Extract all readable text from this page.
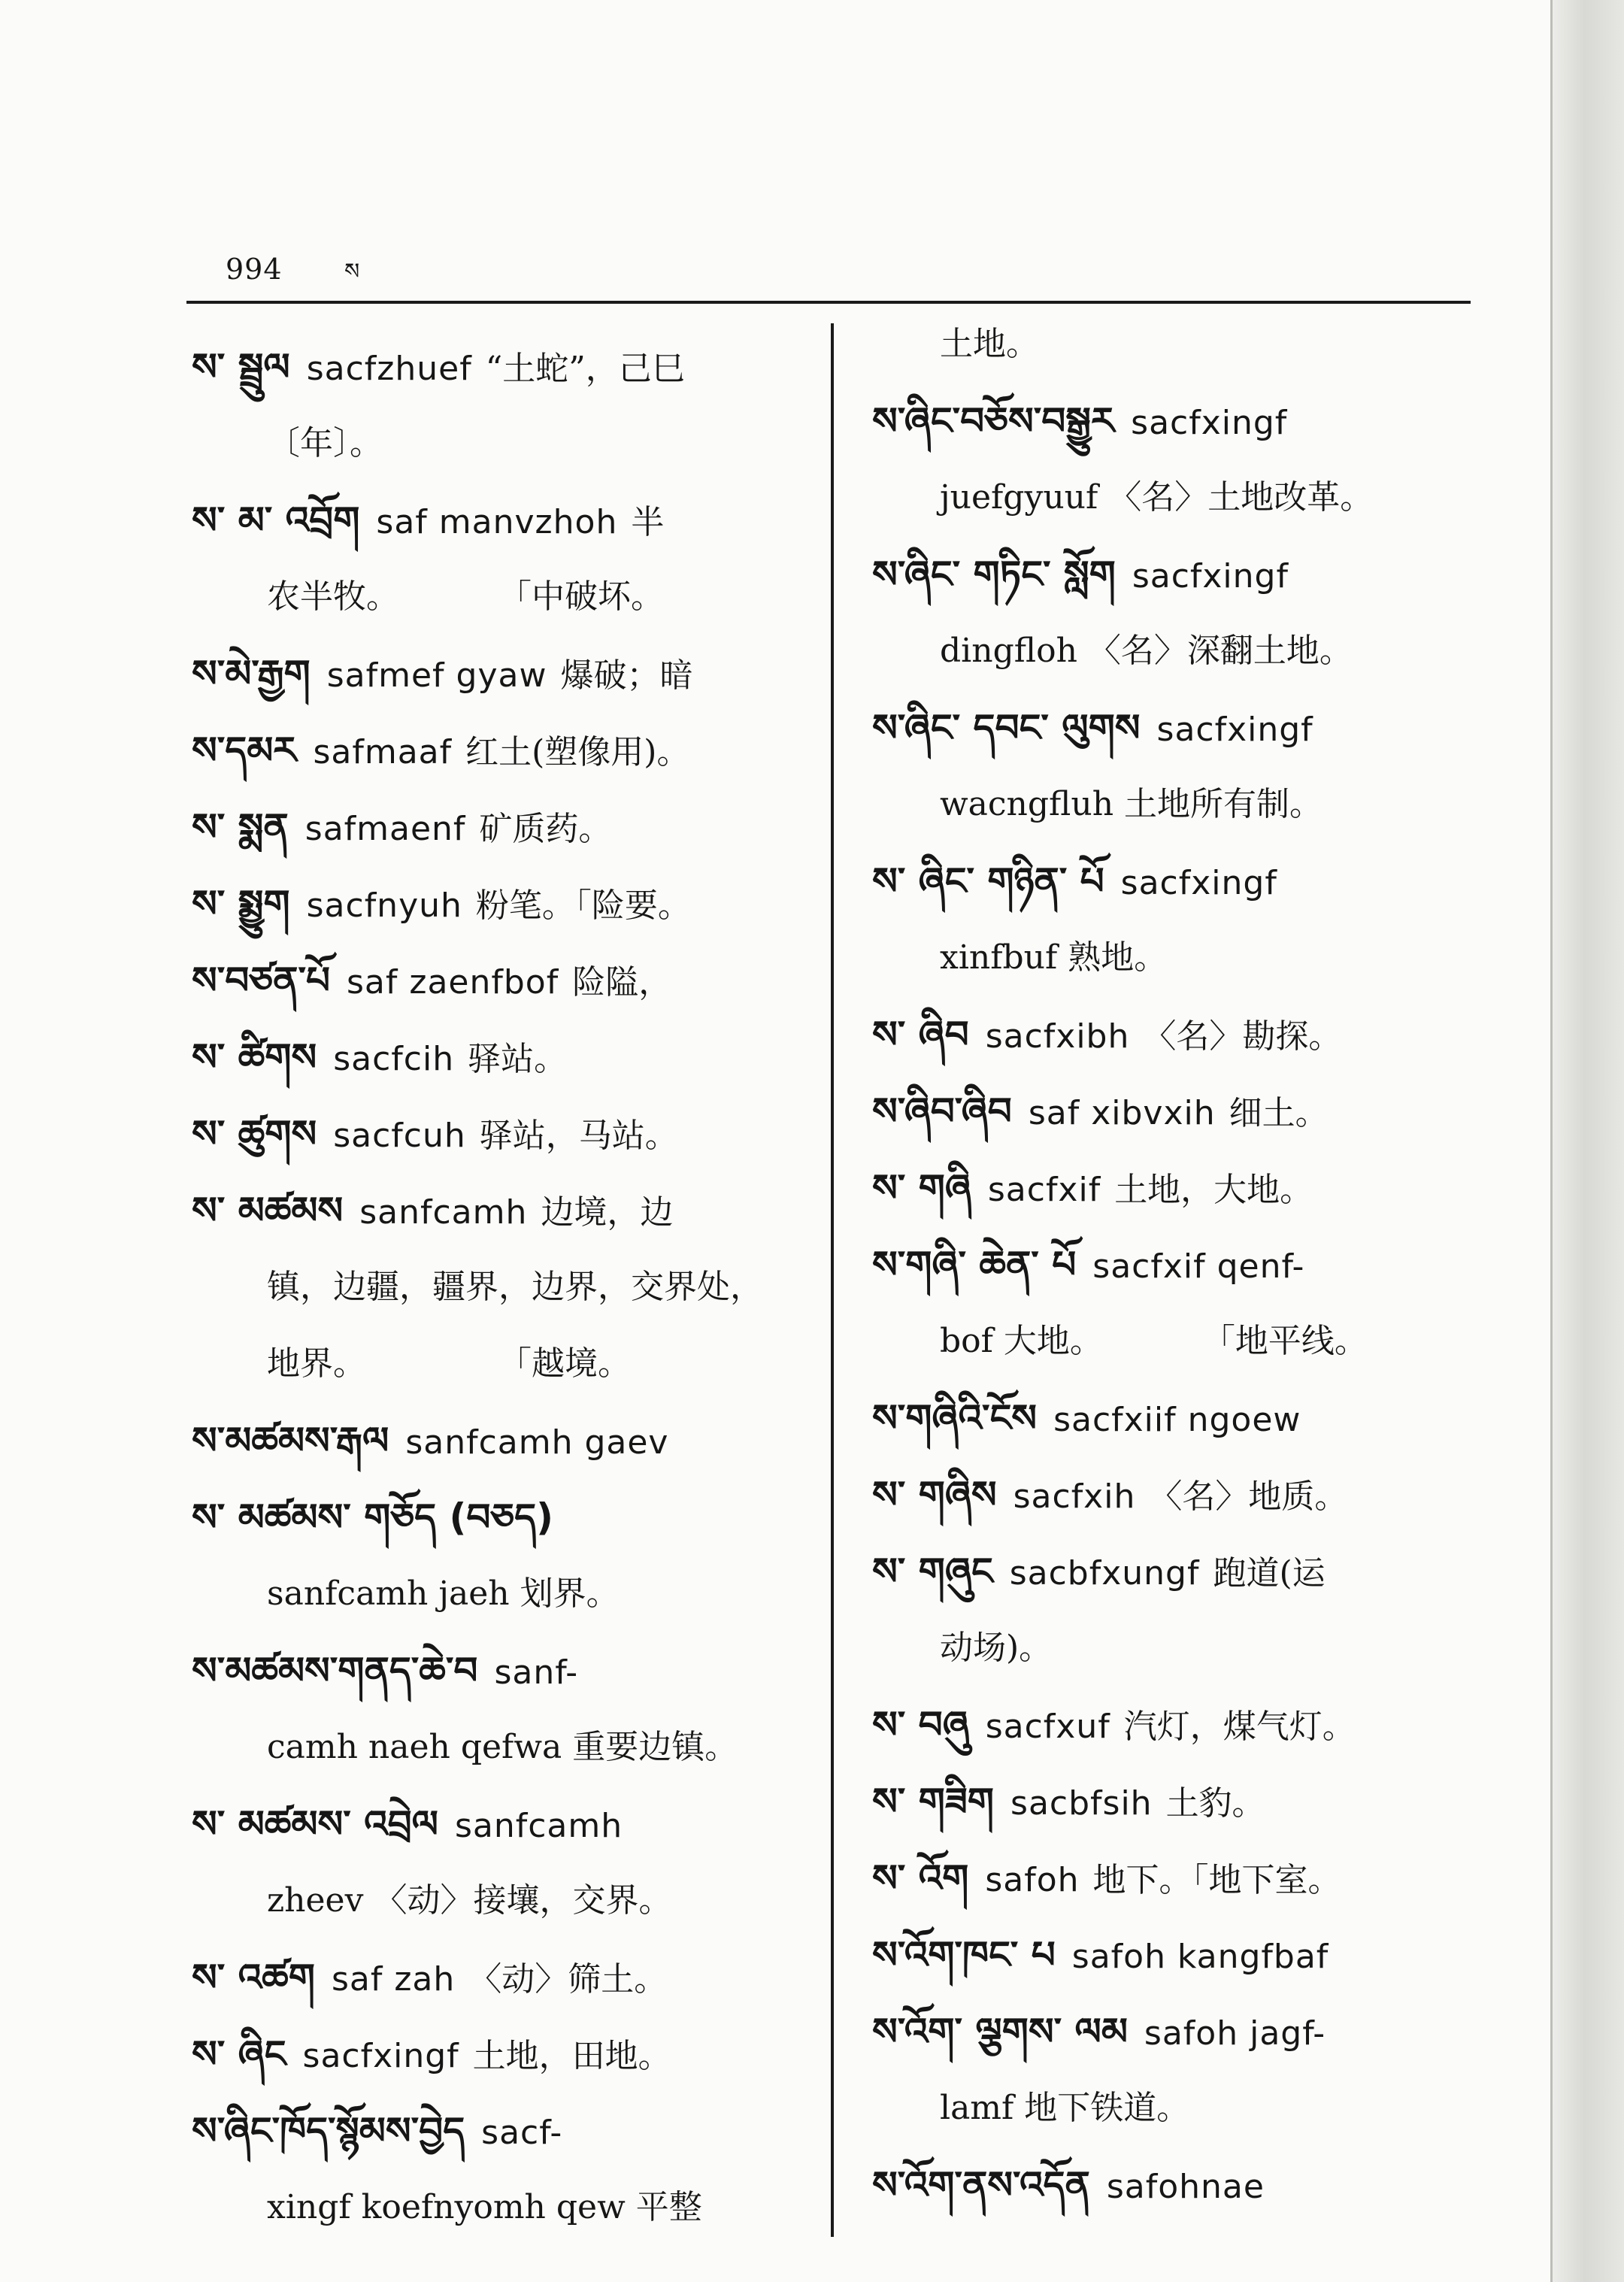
994	ས
ས་ སྦྲུལ sacfzhuef “土蛇”，己巳
〔年〕。
ས་ མ་ འབྲོག saf manvzhoh 半
农半牧。　　　　「中破坏。
ས་མེ་རྒྱག safmef gyaw 爆破；暗
ས་དམར safmaaf 红土(塑像用)。
ས་ སྨན safmaenf 矿质药。
ས་ སྨྱུག sacfnyuh 粉笔。「险要。
ས་བཙན་པོ saf zaenfbof 险隘，
ས་ ཚིགས sacfcih 驿站。
ས་ ཚུགས sacfcuh 驿站，马站。
ས་ མཚམས sanfcamh 边境，边
镇，边疆，疆界，边界，交界处，
地界。　　　　　「越境。
ས་མཚམས་རྒལ sanfcamh gaev
ས་ མཚམས་ གཅོད (བཅད)
sanfcamh jaeh 划界。
ས་མཚམས་གནད་ཆེ་བ sanf-
camh naeh qefwa 重要边镇。
ས་ མཚམས་ འབྲེལ sanfcamh
zheev 〈动〉接壤，交界。
ས་ འཚག saf zah 〈动〉筛土。
ས་ ཞིང sacfxingf 土地，田地。
ས་ཞིང་ཁོད་སྙོམས་བྱེད sacf-
xingf koefnyomh qew 平整
土地。
ས་ཞིང་བཅོས་བསྒྱུར sacfxingf
juefgyuuf 〈名〉土地改革。
ས་ཞིང་ གཏིང་ སློག sacfxingf
dingfloh 〈名〉深翻土地。
ས་ཞིང་ དབང་ ལུགས sacfxingf
wacngfluh 土地所有制。
ས་ ཞིང་ གཉིན་ པོ sacfxingf
xinfbuf 熟地。
ས་ ཞིབ sacfxibh 〈名〉勘探。
ས་ཞིབ་ཞིབ saf xibvxih 细土。
ས་ གཞི sacfxif 土地，大地。
ས་གཞི་ ཆེན་ པོ sacfxif qenf-
bof 大地。　　　　「地平线。
ས་གཞིའི་ངོས sacfxiif ngoew
ས་ གཞིས sacfxih 〈名〉地质。
ས་ གཞུང sacbfxungf 跑道(运
动场)。
ས་ བཞུ sacfxuf 汽灯，煤气灯。
ས་ གཟིག sacbfsih 土豹。
ས་ འོག safoh 地下。「地下室。
ས་འོག་ཁང་ པ safoh kangfbaf
ས་འོག་ ལྕགས་ ལམ safoh jagf-
lamf 地下铁道。
ས་འོག་ནས་འདོན safohnae
